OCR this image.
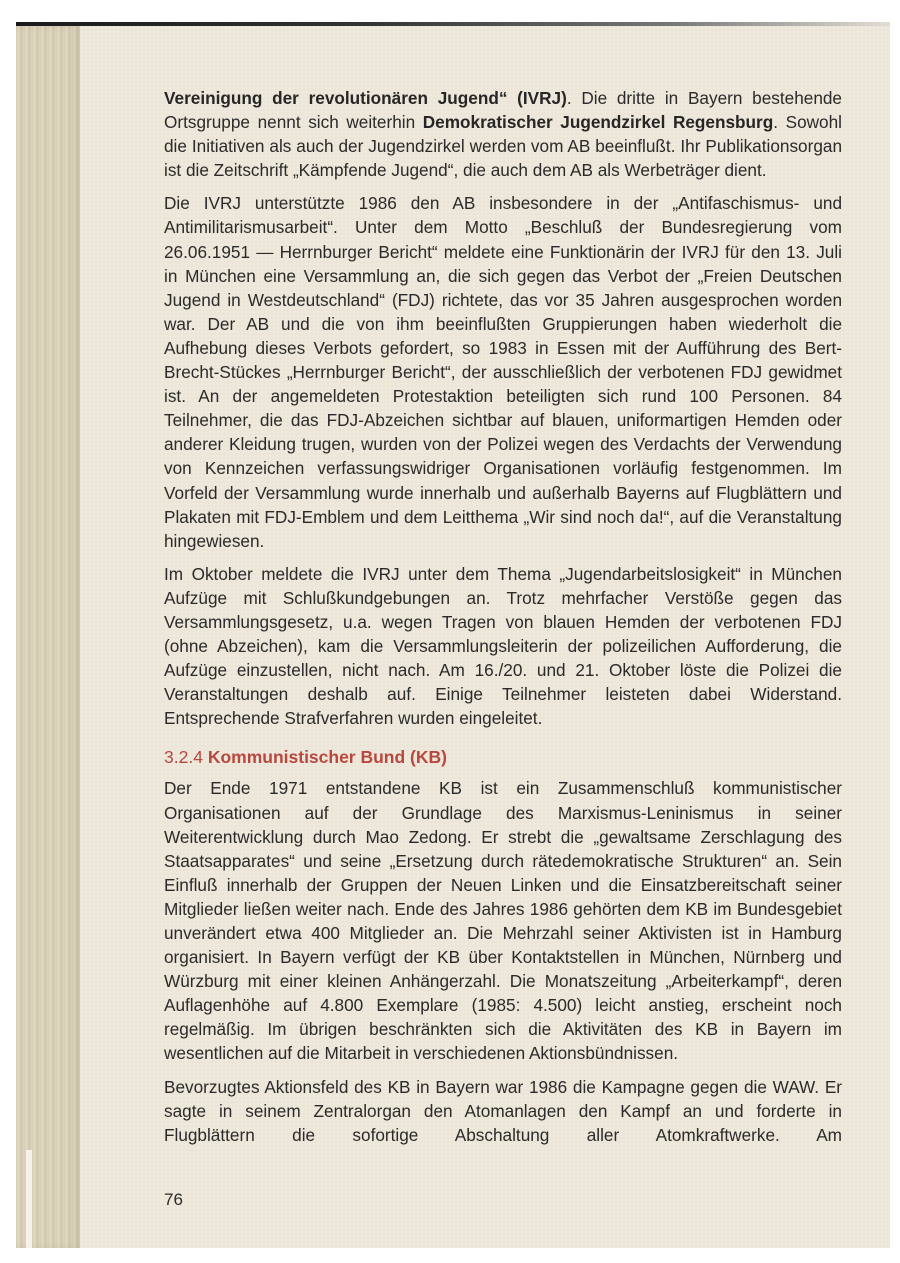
Vereinigung der revolutionären Jugend“ (IVRJ). Die dritte in Bayern bestehende Ortsgruppe nennt sich weiterhin Demokratischer Jugendzirkel Regensburg. Sowohl die Initiativen als auch der Jugendzirkel werden vom AB beeinflußt. Ihr Publikationsorgan ist die Zeitschrift „Kämpfende Jugend“, die auch dem AB als Werbeträger dient.

Die IVRJ unterstützte 1986 den AB insbesondere in der „Antifaschismus- und Antimilitarismusarbeit“. Unter dem Motto „Beschluß der Bundesregierung vom 26.06.1951 — Herrnburger Bericht“ meldete eine Funktionärin der IVRJ für den 13. Juli in München eine Versammlung an, die sich gegen das Verbot der „Freien Deutschen Jugend in Westdeutschland“ (FDJ) richtete, das vor 35 Jahren ausgesprochen worden war. Der AB und die von ihm beeinflußten Gruppierungen haben wiederholt die Aufhebung dieses Verbots gefordert, so 1983 in Essen mit der Aufführung des Bert-Brecht-Stückes „Herrnburger Bericht“, der ausschließlich der verbotenen FDJ gewidmet ist. An der angemeldeten Protestaktion beteiligten sich rund 100 Personen. 84 Teilnehmer, die das FDJ-Abzeichen sichtbar auf blauen, uniformartigen Hemden oder anderer Kleidung trugen, wurden von der Polizei wegen des Verdachts der Verwendung von Kennzeichen verfassungswidriger Organisationen vorläufig festgenommen. Im Vorfeld der Versammlung wurde innerhalb und außerhalb Bayerns auf Flugblättern und Plakaten mit FDJ-Emblem und dem Leitthema „Wir sind noch da!“, auf die Veranstaltung hingewiesen.

Im Oktober meldete die IVRJ unter dem Thema „Jugendarbeitslosigkeit“ in München Aufzüge mit Schlußkundgebungen an. Trotz mehrfacher Verstöße gegen das Versammlungsgesetz, u.a. wegen Tragen von blauen Hemden der verbotenen FDJ (ohne Abzeichen), kam die Versammlungsleiterin der polizeilichen Aufforderung, die Aufzüge einzustellen, nicht nach. Am 16./20. und 21. Oktober löste die Polizei die Veranstaltungen deshalb auf. Einige Teilnehmer leisteten dabei Widerstand. Entsprechende Strafverfahren wurden eingeleitet.

3.2.4 Kommunistischer Bund (KB)

Der Ende 1971 entstandene KB ist ein Zusammenschluß kommunistischer Organisationen auf der Grundlage des Marxismus-Leninismus in seiner Weiterentwicklung durch Mao Zedong. Er strebt die „gewaltsame Zerschlagung des Staatsapparates“ und seine „Ersetzung durch rätedemokratische Strukturen“ an. Sein Einfluß innerhalb der Gruppen der Neuen Linken und die Einsatzbereitschaft seiner Mitglieder ließen weiter nach. Ende des Jahres 1986 gehörten dem KB im Bundesgebiet unverändert etwa 400 Mitglieder an. Die Mehrzahl seiner Aktivisten ist in Hamburg organisiert. In Bayern verfügt der KB über Kontaktstellen in München, Nürnberg und Würzburg mit einer kleinen Anhängerzahl. Die Monatszeitung „Arbeiterkampf“, deren Auflagenhöhe auf 4.800 Exemplare (1985: 4.500) leicht anstieg, erscheint noch regelmäßig. Im übrigen beschränkten sich die Aktivitäten des KB in Bayern im wesentlichen auf die Mitarbeit in verschiedenen Aktionsbündnissen.

Bevorzugtes Aktionsfeld des KB in Bayern war 1986 die Kampagne gegen die WAW. Er sagte in seinem Zentralorgan den Atomanlagen den Kampf an und forderte in Flugblättern die sofortige Abschaltung aller Atomkraftwerke. Am

76
